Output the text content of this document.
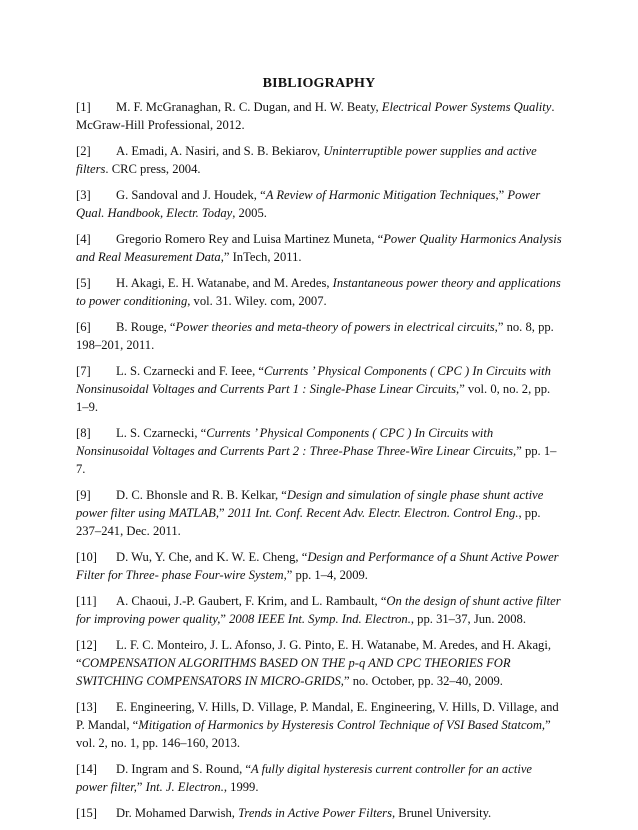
BIBLIOGRAPHY
[1] M. F. McGranaghan, R. C. Dugan, and H. W. Beaty, Electrical Power Systems Quality. McGraw-Hill Professional, 2012.
[2] A. Emadi, A. Nasiri, and S. B. Bekiarov, Uninterruptible power supplies and active filters. CRC press, 2004.
[3] G. Sandoval and J. Houdek, “A Review of Harmonic Mitigation Techniques,” Power Qual. Handbook, Electr. Today, 2005.
[4] Gregorio Romero Rey and Luisa Martinez Muneta, “Power Quality Harmonics Analysis and Real Measurement Data,” InTech, 2011.
[5] H. Akagi, E. H. Watanabe, and M. Aredes, Instantaneous power theory and applications to power conditioning, vol. 31. Wiley. com, 2007.
[6] B. Rouge, “Power theories and meta-theory of powers in electrical circuits,” no. 8, pp. 198–201, 2011.
[7] L. S. Czarnecki and F. Ieee, “Currents ’ Physical Components ( CPC ) In Circuits with Nonsinusoidal Voltages and Currents Part 1 : Single-Phase Linear Circuits,” vol. 0, no. 2, pp. 1–9.
[8] L. S. Czarnecki, “Currents ’ Physical Components ( CPC ) In Circuits with Nonsinusoidal Voltages and Currents Part 2 : Three-Phase Three-Wire Linear Circuits,” pp. 1–7.
[9] D. C. Bhonsle and R. B. Kelkar, “Design and simulation of single phase shunt active power filter using MATLAB,” 2011 Int. Conf. Recent Adv. Electr. Electron. Control Eng., pp. 237–241, Dec. 2011.
[10] D. Wu, Y. Che, and K. W. E. Cheng, “Design and Performance of a Shunt Active Power Filter for Three- phase Four-wire System,” pp. 1–4, 2009.
[11] A. Chaoui, J.-P. Gaubert, F. Krim, and L. Rambault, “On the design of shunt active filter for improving power quality,” 2008 IEEE Int. Symp. Ind. Electron., pp. 31–37, Jun. 2008.
[12] L. F. C. Monteiro, J. L. Afonso, J. G. Pinto, E. H. Watanabe, M. Aredes, and H. Akagi, “COMPENSATION ALGORITHMS BASED ON THE p-q AND CPC THEORIES FOR SWITCHING COMPENSATORS IN MICRO-GRIDS,” no. October, pp. 32–40, 2009.
[13] E. Engineering, V. Hills, D. Village, P. Mandal, E. Engineering, V. Hills, D. Village, and P. Mandal, “Mitigation of Harmonics by Hysteresis Control Technique of VSI Based Statcom,” vol. 2, no. 1, pp. 146–160, 2013.
[14] D. Ingram and S. Round, “A fully digital hysteresis current controller for an active power filter,” Int. J. Electron., 1999.
[15] Dr. Mohamed Darwish, Trends in Active Power Filters, Brunel University.
